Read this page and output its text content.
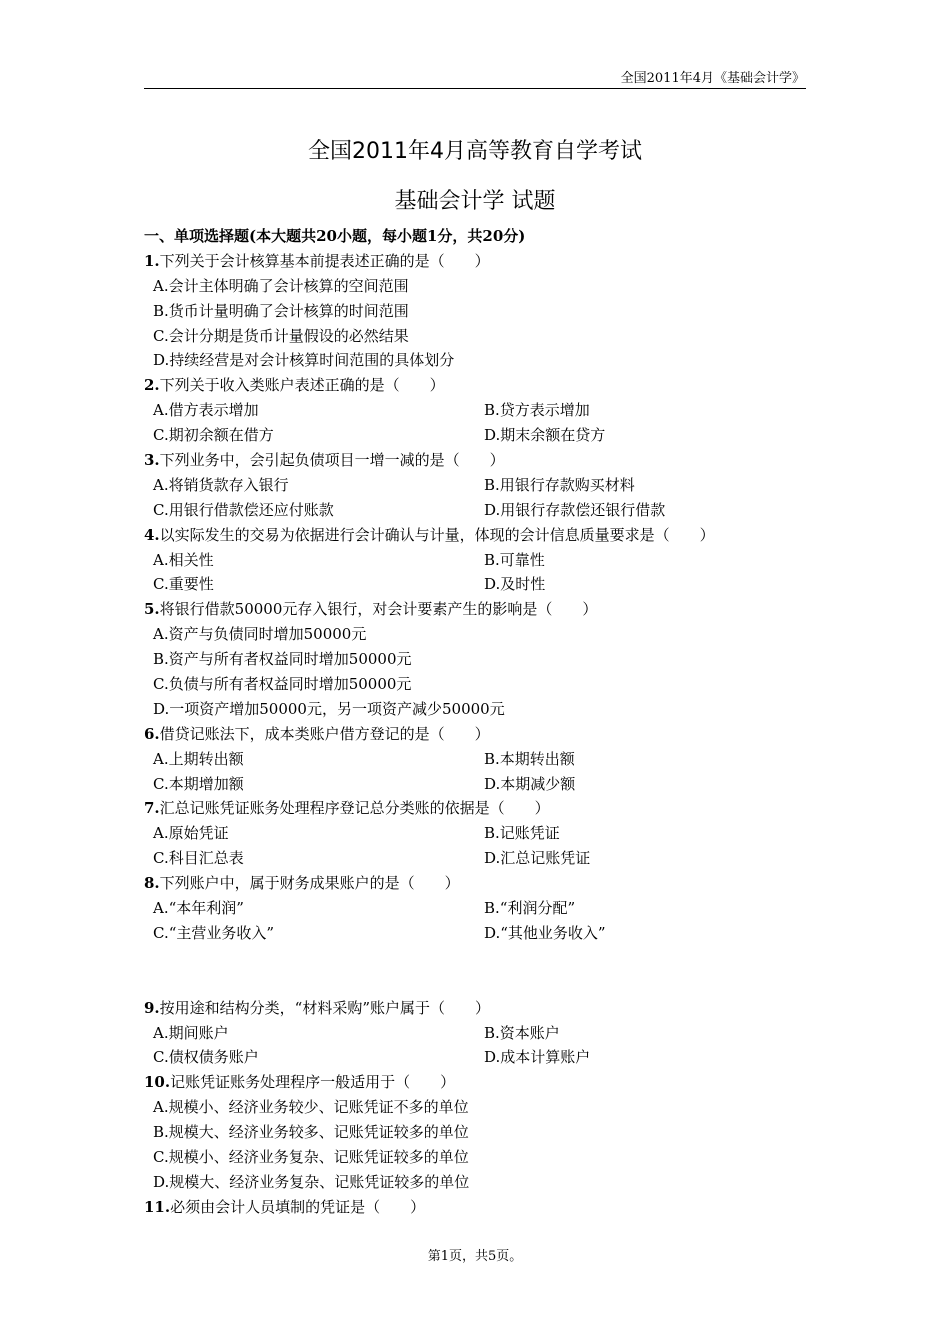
全国2011年4月《基础会计学》
全国2011年4月高等教育自学考试
基础会计学 试题
一、单项选择题(本大题共20小题，每小题1分，共20分)
1.下列关于会计核算基本前提表述正确的是（　　）
A.会计主体明确了会计核算的空间范围
B.货币计量明确了会计核算的时间范围
C.会计分期是货币计量假设的必然结果
D.持续经营是对会计核算时间范围的具体划分
2.下列关于收入类账户表述正确的是（　　）
A.借方表示增加	B.贷方表示增加
C.期初余额在借方	D.期末余额在贷方
3.下列业务中，会引起负债项目一增一减的是（　　）
A.将销货款存入银行	B.用银行存款购买材料
C.用银行借款偿还应付账款	D.用银行存款偿还银行借款
4.以实际发生的交易为依据进行会计确认与计量，体现的会计信息质量要求是（　　）
A.相关性	B.可靠性
C.重要性	D.及时性
5.将银行借款50000元存入银行，对会计要素产生的影响是（　　）
A.资产与负债同时增加50000元
B.资产与所有者权益同时增加50000元
C.负债与所有者权益同时增加50000元
D.一项资产增加50000元，另一项资产减少50000元
6.借贷记账法下，成本类账户借方登记的是（　　）
A.上期转出额	B.本期转出额
C.本期增加额	D.本期减少额
7.汇总记账凭证账务处理程序登记总分类账的依据是（　　）
A.原始凭证	B.记账凭证
C.科目汇总表	D.汇总记账凭证
8.下列账户中，属于财务成果账户的是（　　）
A.“本年利润”	B.“利润分配”
C.“主营业务收入”	D.“其他业务收入”
9.按用途和结构分类，“材料采购”账户属于（　　）
A.期间账户	B.资本账户
C.债权债务账户	D.成本计算账户
10.记账凭证账务处理程序一般适用于（　　）
A.规模小、经济业务较少、记账凭证不多的单位
B.规模大、经济业务较多、记账凭证较多的单位
C.规模小、经济业务复杂、记账凭证较多的单位
D.规模大、经济业务复杂、记账凭证较多的单位
11.必须由会计人员填制的凭证是（　　）
第1页，共5页。
